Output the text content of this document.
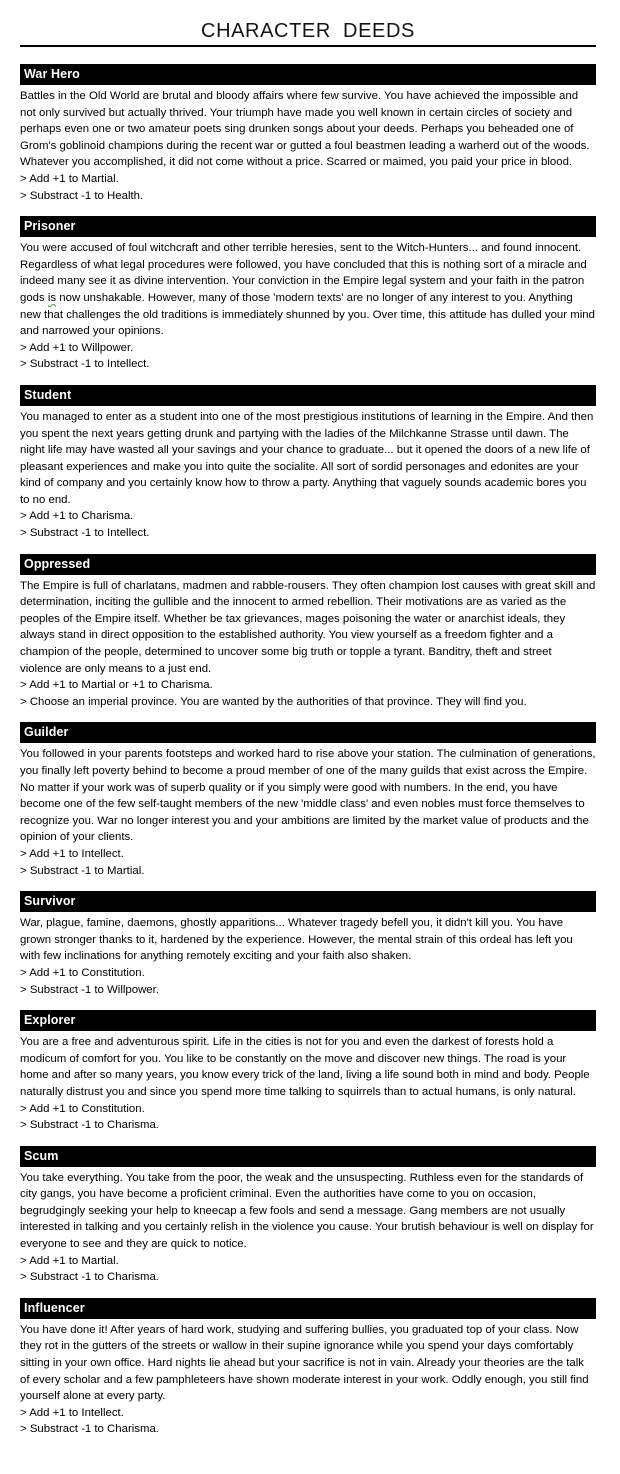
CHARACTER DEEDS
War Hero

Battles in the Old World are brutal and bloody affairs where few survive. You have achieved the impossible and not only survived but actually thrived. Your triumph have made you well known in certain circles of society and perhaps even one or two amateur poets sing drunken songs about your deeds. Perhaps you beheaded one of Grom's goblinoid champions during the recent war or gutted a foul beastmen leading a warherd out of the woods. Whatever you accomplished, it did not come without a price. Scarred or maimed, you paid your price in blood.

> Add +1 to Martial.
> Substract -1 to Health.
Prisoner

You were accused of foul witchcraft and other terrible heresies, sent to the Witch-Hunters... and found innocent. Regardless of what legal procedures were followed, you have concluded that this is nothing sort of a miracle and indeed many see it as divine intervention. Your conviction in the Empire legal system and your faith in the patron gods is now unshakable. However, many of those 'modern texts' are no longer of any interest to you. Anything new that challenges the old traditions is immediately shunned by you. Over time, this attitude has dulled your mind and narrowed your opinions.

> Add +1 to Willpower.
> Substract -1 to Intellect.
Student

You managed to enter as a student into one of the most prestigious institutions of learning in the Empire. And then you spent the next years getting drunk and partying with the ladies of the Milchkanne Strasse until dawn. The night life may have wasted all your savings and your chance to graduate... but it opened the doors of a new life of pleasant experiences and make you into quite the socialite. All sort of sordid personages and edonites are your kind of company and you certainly know how to throw a party. Anything that vaguely sounds academic bores you to no end.

> Add +1 to Charisma.
> Substract -1 to Intellect.
Oppressed

The Empire is full of charlatans, madmen and rabble-rousers. They often champion lost causes with great skill and determination, inciting the gullible and the innocent to armed rebellion. Their motivations are as varied as the peoples of the Empire itself. Whether be tax grievances, mages poisoning the water or anarchist ideals, they always stand in direct opposition to the established authority. You view yourself as a freedom fighter and a champion of the people, determined to uncover some big truth or topple a tyrant. Banditry, theft and street violence are only means to a just end.

> Add +1 to Martial or +1 to Charisma.
> Choose an imperial province. You are wanted by the authorities of that province. They will find you.
Guilder

You followed in your parents footsteps and worked hard to rise above your station. The culmination of generations, you finally left poverty behind to become a proud member of one of the many guilds that exist across the Empire. No matter if your work was of superb quality or if you simply were good with numbers. In the end, you have become one of the few self-taught members of the new 'middle class' and even nobles must force themselves to recognize you. War no longer interest you and your ambitions are limited by the market value of products and the opinion of your clients.

> Add +1 to Intellect.
> Substract -1 to Martial.
Survivor

War, plague, famine, daemons, ghostly apparitions... Whatever tragedy befell you, it didn't kill you. You have grown stronger thanks to it, hardened by the experience. However, the mental strain of this ordeal has left you with few inclinations for anything remotely exciting and your faith also shaken.

> Add +1 to Constitution.
> Substract -1 to Willpower.
Explorer

You are a free and adventurous spirit. Life in the cities is not for you and even the darkest of forests hold a modicum of comfort for you. You like to be constantly on the move and discover new things. The road is your home and after so many years, you know every trick of the land, living a life sound both in mind and body. People naturally distrust you and since you spend more time talking to squirrels than to actual humans, is only natural.

> Add +1 to Constitution.
> Substract -1 to Charisma.
Scum

You take everything. You take from the poor, the weak and the unsuspecting. Ruthless even for the standards of city gangs, you have become a proficient criminal. Even the authorities have come to you on occasion, begrudgingly seeking your help to kneecap a few fools and send a message. Gang members are not usually interested in talking and you certainly relish in the violence you cause. Your brutish behaviour is well on display for everyone to see and they are quick to notice.

> Add +1 to Martial.
> Substract -1 to Charisma.
Influencer

You have done it! After years of hard work, studying and suffering bullies, you graduated top of your class. Now they rot in the gutters of the streets or wallow in their supine ignorance while you spend your days comfortably sitting in your own office. Hard nights lie ahead but your sacrifice is not in vain. Already your theories are the talk of every scholar and a few pamphleteers have shown moderate interest in your work. Oddly enough, you still find yourself alone at every party.

> Add +1 to Intellect.
> Substract -1 to Charisma.
